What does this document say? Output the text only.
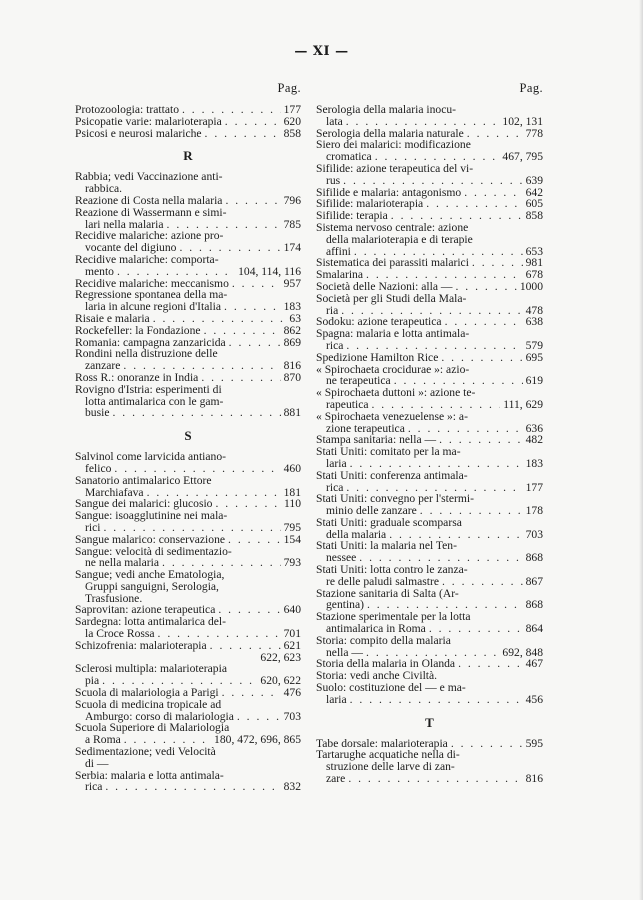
— XI —
Pag.
Protozoologia: trattato . . .	177
Psicopatie varie: malarioterapia . . .	620
Psicosi e neurosi malariche . . .	858
R
Rabbia; vedi Vaccinazione anti-
rabbica.
Reazione di Costa nella malaria . . .	796
Reazione di Wassermann e simi-
lari nella malaria . . .	785
Recidive malariche: azione pro-
vocante del digiuno . . .	174
Recidive malariche: comporta-
mento . . .	104, 114, 116
Recidive malariche: meccanismo . . .	957
Regressione spontanea della ma-
laria in alcune regioni d'Italia . . .	183
Risaie e malaria . . .	63
Rockefeller: la Fondazione . . .	862
Romania: campagna zanzaricida . . .	869
Rondini nella distruzione delle
zanzare . . .	816
Ross R.: onoranze in India . . .	870
Rovigno d'Istria: esperimenti di
lotta antimalarica con le gam-
busie . . .	881
S
Salvinol come larvicida antiano-
felico . . .	460
Sanatorio antimalarico Ettore
Marchiafava . . .	181
Sangue dei malarici: glucosio . . .	110
Sangue: isoagglutinine nei mala-
rici . . .	795
Sangue malarico: conservazione . . .	154
Sangue: velocità di sedimentazio-
ne nella malaria . . .	793
Sangue; vedi anche Ematologia,
Gruppi sanguigni, Serologia,
Trasfusione.
Saprovitan: azione terapeutica . . .	640
Sardegna: lotta antimalarica del-
la Croce Rossa . . .	701
Schizofrenia: malarioterapia . . .	621
622, 623
Sclerosi multipla: malarioterapia
pia . . .	620, 622
Scuola di malariologia a Parigi . . .	476
Scuola di medicina tropicale ad
Amburgo: corso di malariologia . . .	703
Scuola Superiore di Malariologia
a Roma . . .	180, 472, 696, 865
Sedimentazione; vedi Velocità
di —
Serbia: malaria e lotta antimala-
rica . . .	832
Pag.
Serologia della malaria inocu-
lata . . .	102, 131
Serologia della malaria naturale . . .	778
Siero dei malarici: modificazione
cromatica . . .	467, 795
Sifilide: azione terapeutica del vi-
rus . . .	639
Sifilide e malaria: antagonismo . . .	642
Sifilide: malarioterapia . . .	605
Sifilide: terapia . . .	858
Sistema nervoso centrale: azione
della malarioterapia e di terapie
affini . . .	653
Sistematica dei parassiti malarici . . .	981
Smalarina . . .	678
Società delle Nazioni: alla — . . .	1000
Società per gli Studi della Mala-
ria . . .	478
Sodoku: azione terapeutica . . .	638
Spagna: malaria e lotta antimala-
rica . . .	579
Spedizione Hamilton Rice . . .	695
« Spirochaeta crocidurae »: azio-
ne terapeutica . . .	619
« Spirochaeta duttoni »: azione te-
rapeutica . . .	111, 629
« Spirochaeta venezuelense »: a-
zione terapeutica . . .	636
Stampa sanitaria: nella — . . .	482
Stati Uniti: comitato per la ma-
laria . . .	183
Stati Uniti: conferenza antimala-
rica . . .	177
Stati Uniti: convegno per l'stermi-
minio delle zanzare . . .	178
Stati Uniti: graduale scomparsa
della malaria . . .	703
Stati Uniti: la malaria nel Ten-
nessee . . .	868
Stati Uniti: lotta contro le zanza-
re delle paludi salmastre . . .	867
Stazione sanitaria di Salta (Ar-
gentina) . . .	868
Stazione sperimentale per la lotta
antimalarica in Roma . . .	864
Storia: compito della malaria
nella — . . .	692, 848
Storia della malaria in Olanda . . .	467
Storia: vedi anche Civiltà.
Suolo: costituzione del — e ma-
laria . . .	456
T
Tabe dorsale: malarioterapia . . .	595
Tartarughe acquatiche nella di-
struzione delle larve di zan-
zare . . .	816
